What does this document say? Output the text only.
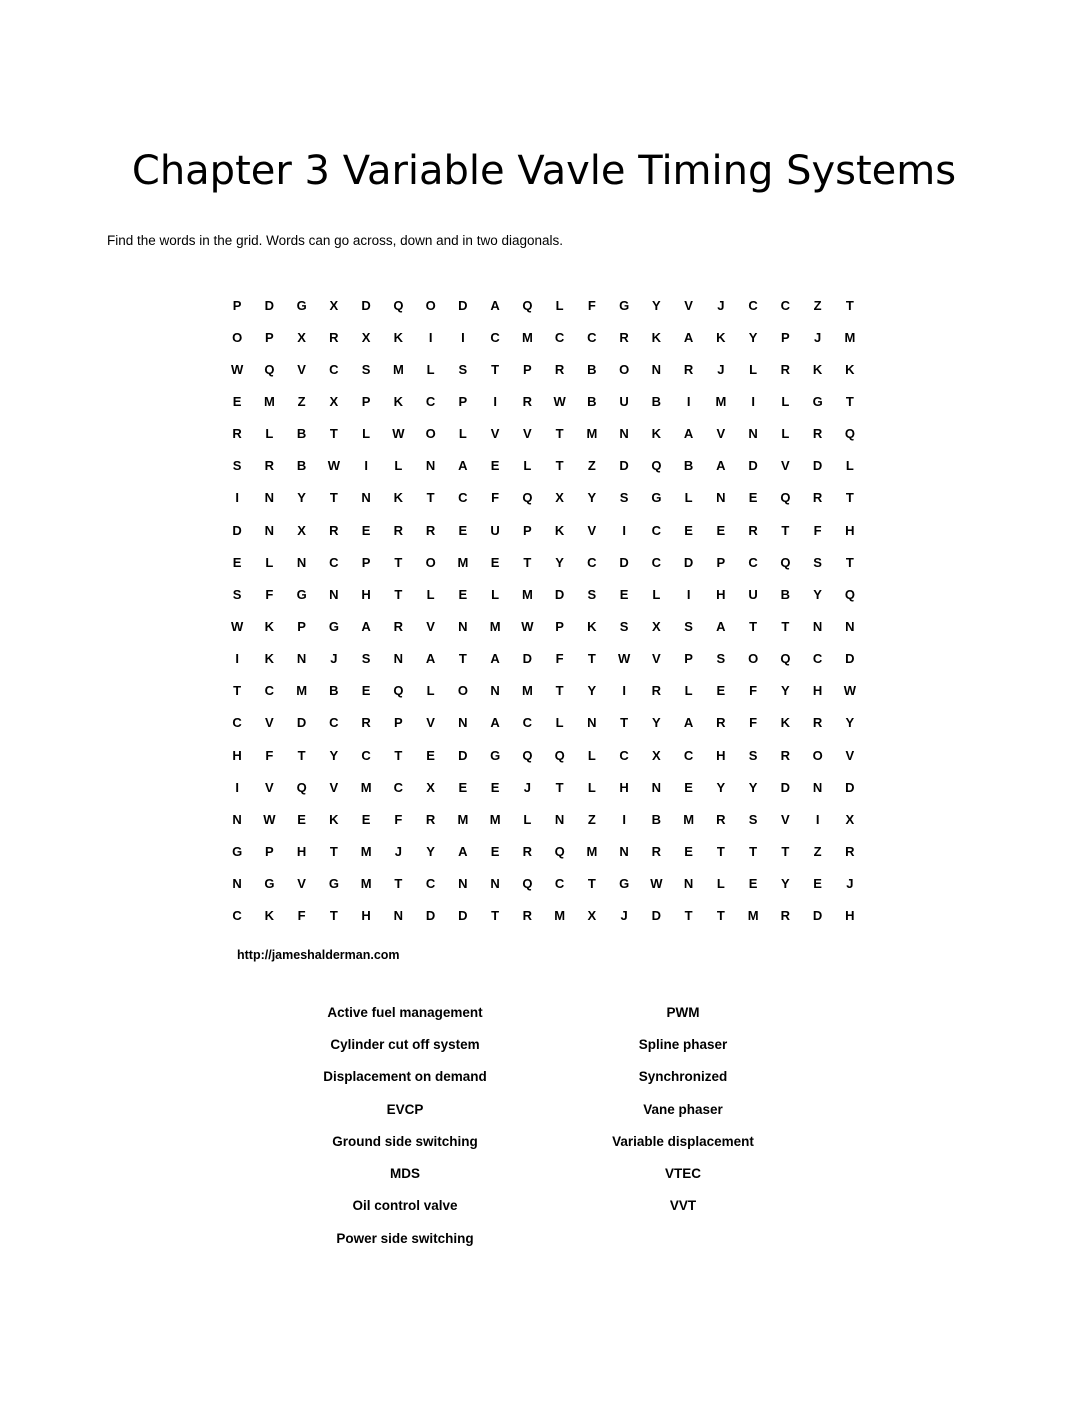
Chapter 3 Variable Vavle Timing Systems

Find the words in the grid. Words can go across, down and in two diagonals.

P	D	G	X	D	Q	O	D	A	Q	L	F	G	Y	V	J	C	C	Z	T
O	P	X	R	X	K	I	I	C	M	C	C	R	K	A	K	Y	P	J	M
W	Q	V	C	S	M	L	S	T	P	R	B	O	N	R	J	L	R	K	K
E	M	Z	X	P	K	C	P	I	R	W	B	U	B	I	M	I	L	G	T
R	L	B	T	L	W	O	L	V	V	T	M	N	K	A	V	N	L	R	Q
S	R	B	W	I	L	N	A	E	L	T	Z	D	Q	B	A	D	V	D	L
I	N	Y	T	N	K	T	C	F	Q	X	Y	S	G	L	N	E	Q	R	T
D	N	X	R	E	R	R	E	U	P	K	V	I	C	E	E	R	T	F	H
E	L	N	C	P	T	O	M	E	T	Y	C	D	C	D	P	C	Q	S	T
S	F	G	N	H	T	L	E	L	M	D	S	E	L	I	H	U	B	Y	Q
W	K	P	G	A	R	V	N	M	W	P	K	S	X	S	A	T	T	N	N
I	K	N	J	S	N	A	T	A	D	F	T	W	V	P	S	O	Q	C	D
T	C	M	B	E	Q	L	O	N	M	T	Y	I	R	L	E	F	Y	H	W
C	V	D	C	R	P	V	N	A	C	L	N	T	Y	A	R	F	K	R	Y
H	F	T	Y	C	T	E	D	G	Q	Q	L	C	X	C	H	S	R	O	V
I	V	Q	V	M	C	X	E	E	J	T	L	H	N	E	Y	Y	D	N	D
N	W	E	K	E	F	R	M	M	L	N	Z	I	B	M	R	S	V	I	X
G	P	H	T	M	J	Y	A	E	R	Q	M	N	R	E	T	T	T	Z	R
N	G	V	G	M	T	C	N	N	Q	C	T	G	W	N	L	E	Y	E	J
C	K	F	T	H	N	D	D	T	R	M	X	J	D	T	T	M	R	D	H
http://jameshalderman.com
Active fuel management
Cylinder cut off system
Displacement on demand
EVCP
Ground side switching
MDS
Oil control valve
Power side switching
PWM
Spline phaser
Synchronized
Vane phaser
Variable displacement
VTEC
VVT
